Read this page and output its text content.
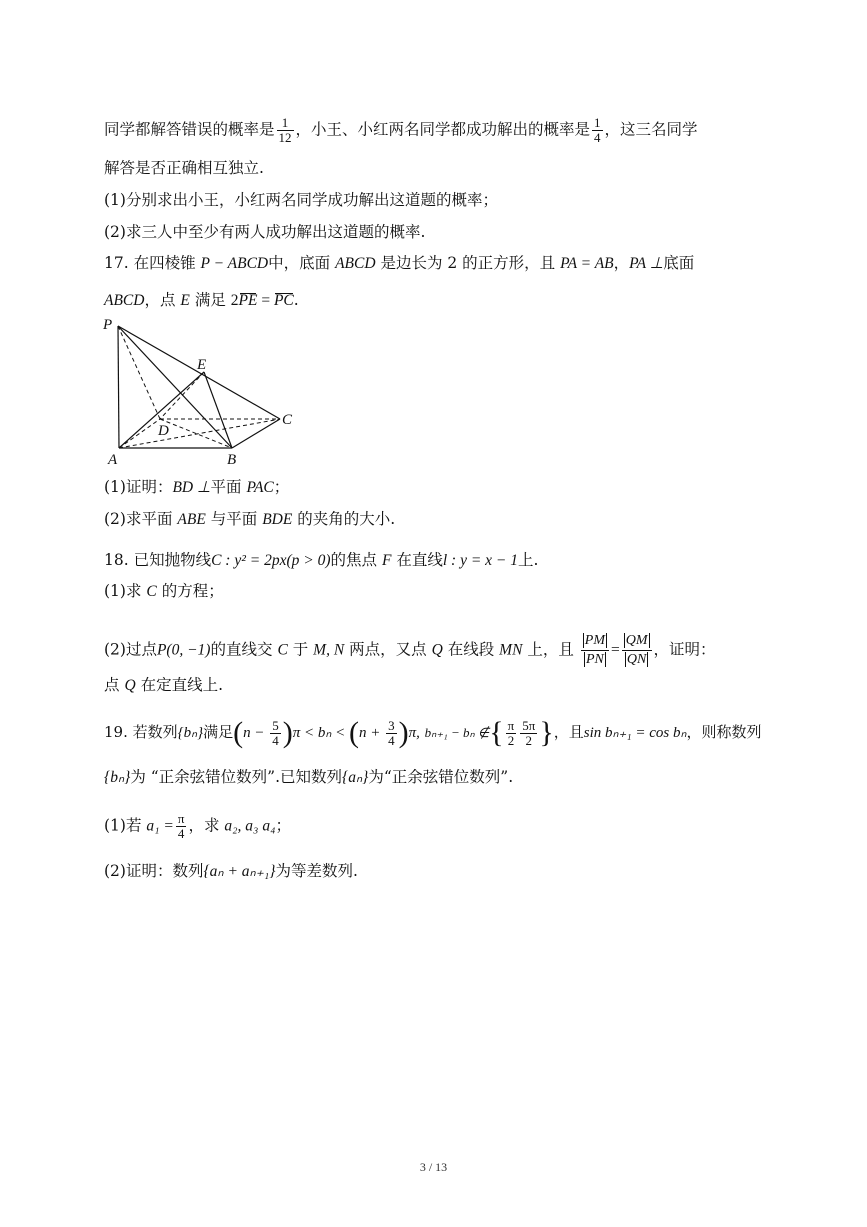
同学都解答错误的概率是 $\frac{1}{12}$ ，小王、小红两名同学都成功解出的概率是 $\frac{1}{4}$ ，这三名同学
解答是否正确相互独立.
(1)分别求出小王，小红两名同学成功解出这道题的概率；
(2)求三人中至少有两人成功解出这道题的概率.
17. 在四棱锥 P − ABCD中，底面 ABCD 是边长为 2 的正方形，且 PA = AB，PA ⊥底面
ABCD，点 E 满足 2PE = PC.
P
E
D
C
A	B
(1)证明：BD ⊥平面 PAC；
(2)求平面 ABE 与平面 BDE 的夹角的大小.
18. 已知抛物线C : y² = 2px(p > 0)的焦点 F 在直线l : y = x − 1上.
(1)求 C 的方程；
(2)过点P(0, −1)的直线交 C 于 M, N 两点，又点 Q 在线段 MN 上，且 $\frac{PM}{PN} = \frac{QM}{QN}$ ，证明：
点 Q 在定直线上.
19. 若数列{bₙ}满足$(n - \frac{5}{4} )\pi < b_n < (n + \frac{3}{4} )\pi$, bₙ₊₁ − bₙ ∉{ $\frac{\pi}{2} \frac{5\pi}{2}$ }，且sin bₙ₊₁ = cos bₙ，则称数列
{bₙ}为 “正余弦错位数列”.已知数列{aₙ}为“正余弦错位数列”.
(1)若 $a_1 = \frac{\pi}{4}$ ，求 a₂, a₃ a₄；
(2)证明：数列{aₙ + aₙ₊₁}为等差数列.
3 / 13
